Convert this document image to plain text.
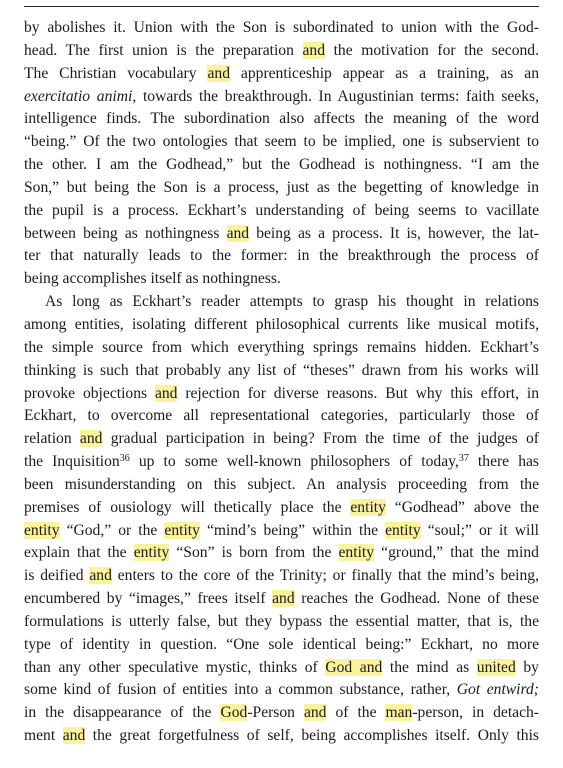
by abolishes it. Union with the Son is subordinated to union with the God-
head. The first union is the preparation and the motivation for the second.
The Christian vocabulary and apprenticeship appear as a training, as an
exercitatio animi, towards the breakthrough. In Augustinian terms: faith seeks,
intelligence finds. The subordination also affects the meaning of the word
“being.” Of the two ontologies that seem to be implied, one is subservient to
the other. I am the Godhead,” but the Godhead is nothingness. “I am the
Son,” but being the Son is a process, just as the begetting of knowledge in
the pupil is a process. Eckhart’s understanding of being seems to vacillate
between being as nothingness and being as a process. It is, however, the lat-
ter that naturally leads to the former: in the breakthrough the process of
being accomplishes itself as nothingness.
As long as Eckhart’s reader attempts to grasp his thought in relations
among entities, isolating different philosophical currents like musical motifs,
the simple source from which everything springs remains hidden. Eckhart’s
thinking is such that probably any list of “theses” drawn from his works will
provoke objections and rejection for diverse reasons. But why this effort, in
Eckhart, to overcome all representational categories, particularly those of
relation and gradual participation in being? From the time of the judges of
the Inquisition$^{36}$ up to some well-known philosophers of today,$^{37}$ there has
been misunderstanding on this subject. An analysis proceeding from the
premises of ousiology will thetically place the entity “Godhead” above the
entity “God,” or the entity “mind’s being” within the entity “soul;” or it will
explain that the entity “Son” is born from the entity “ground,” that the mind
is deified and enters to the core of the Trinity; or finally that the mind’s being,
encumbered by “images,” frees itself and reaches the Godhead. None of these
formulations is utterly false, but they bypass the essential matter, that is, the
type of identity in question. “One sole identical being:” Eckhart, no more
than any other speculative mystic, thinks of God and the mind as united by
some kind of fusion of entities into a common substance, rather, Got entwird;
in the disappearance of the God-Person and of the man-person, in detach-
ment and the great forgetfulness of self, being accomplishes itself. Only this
